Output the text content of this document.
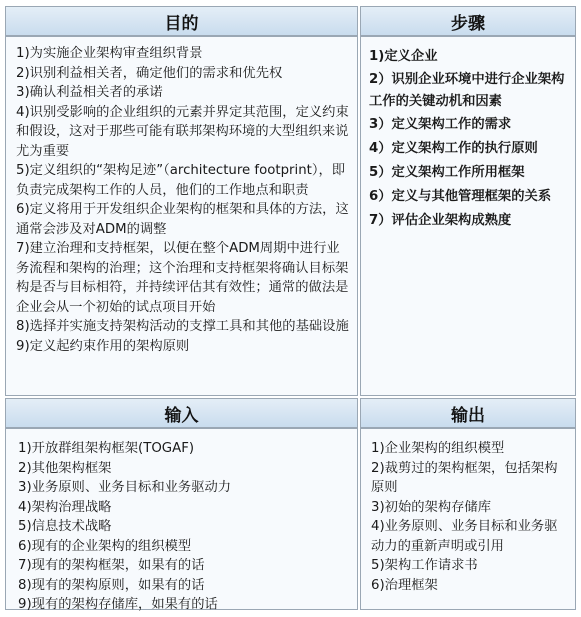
目的	步骤
1)为实施企业架构审查组织背景
2)识别利益相关者，确定他们的需求和优先权
3)确认利益相关者的承诺
4)识别受影响的企业组织的元素并界定其范围，定义约束和假设，这对于那些可能有联邦架构环境的大型组织来说尤为重要
5)定义组织的“架构足迹”（architecture footprint），即负责完成架构工作的人员，他们的工作地点和职责
6)定义将用于开发组织企业架构的框架和具体的方法，这通常会涉及对ADM的调整
7)建立治理和支持框架，以便在整个ADM周期中进行业务流程和架构的治理；这个治理和支持框架将确认目标架构是否与目标相符，并持续评估其有效性；通常的做法是企业会从一个初始的试点项目开始
8)选择并实施支持架构活动的支撑工具和其他的基础设施
9)定义起约束作用的架构原则
1)定义企业
2）识别企业环境中进行企业架构工作的关键动机和因素
3）定义架构工作的需求
4）定义架构工作的执行原则
5）定义架构工作所用框架
6）定义与其他管理框架的关系
7）评估企业架构成熟度
输入	输出
1)开放群组架构框架(TOGAF)
2)其他架构框架
3)业务原则、业务目标和业务驱动力
4)架构治理战略
5)信息技术战略
6)现有的企业架构的组织模型
7)现有的架构框架，如果有的话
8)现有的架构原则，如果有的话
9)现有的架构存储库，如果有的话
1)企业架构的组织模型
2)裁剪过的架构框架，包括架构原则
3)初始的架构存储库
4)业务原则、业务目标和业务驱动力的重新声明或引用
5)架构工作请求书
6)治理框架
